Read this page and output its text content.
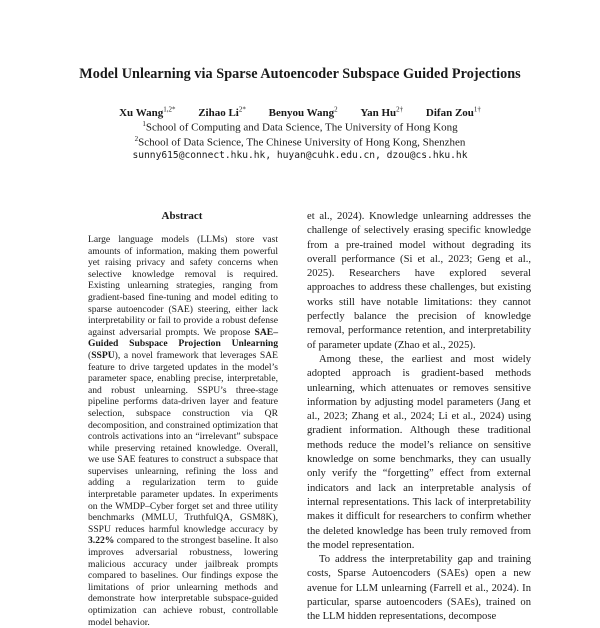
Model Unlearning via Sparse Autoencoder Subspace Guided Projections
Xu Wang$^{1,2*}$ Zihao $Li^{2*}$ Benyou Wang$^2$ Yan $Hu^{2\dagger}$ Difan Zou$^{1\dagger}$
$^1$School of Computing and Data Science, The University of Hong Kong
$^2$School of Data Science, The Chinese University of Hong Kong, Shenzhen
sunny615@connect.hku.hk, huyan@cuhk.edu.cn, dzou@cs.hku.hk
Abstract
Large language models (LLMs) store vast amounts of information, making them powerful yet raising privacy and safety concerns when selective knowledge removal is required. Existing unlearning strategies, ranging from gradient-based fine-tuning and model editing to sparse autoencoder (SAE) steering, either lack interpretability or fail to provide a robust defense against adversarial prompts. We propose SAE–Guided Subspace Projection Unlearning (SSPU), a novel framework that leverages SAE feature to drive targeted updates in the model’s parameter space, enabling precise, interpretable, and robust unlearning. SSPU’s three-stage pipeline performs data-driven layer and feature selection, subspace construction via QR decomposition, and constrained optimization that controls activations into an “irrelevant” subspace while preserving retained knowledge. Overall, we use SAE features to construct a subspace that supervises unlearning, refining the loss and adding a regularization term to guide interpretable parameter updates. In experiments on the WMDP–Cyber forget set and three utility benchmarks (MMLU, TruthfulQA, GSM8K), SSPU reduces harmful knowledge accuracy by 3.22% compared to the strongest baseline. It also improves adversarial robustness, lowering malicious accuracy under jailbreak prompts compared to baselines. Our findings expose the limitations of prior unlearning methods and demonstrate how interpretable subspace-guided optimization can achieve robust, controllable model behavior.

et al., 2024). Knowledge unlearning addresses the challenge of selectively erasing specific knowledge from a pre-trained model without degrading its overall performance (Si et al., 2023; Geng et al., 2025). Researchers have explored several approaches to address these challenges, but existing works still have notable limitations: they cannot perfectly balance the precision of knowledge removal, performance retention, and interpretability of parameter update (Zhao et al., 2025).

Among these, the earliest and most widely adopted approach is gradient-based methods unlearning, which attenuates or removes sensitive information by adjusting model parameters (Jang et al., 2023; Zhang et al., 2024; Li et al., 2024) using gradient information. Although these traditional methods reduce the model’s reliance on sensitive knowledge on some benchmarks, they can usually only verify the “forgetting” effect from external indicators and lack an interpretable analysis of internal representations. This lack of interpretability makes it difficult for researchers to confirm whether the deleted knowledge has been truly removed from the model representation.

To address the interpretability gap and training costs, Sparse Autoencoders (SAEs) open a new avenue for LLM unlearning (Farrell et al., 2024). In particular, sparse autoencoders (SAEs), trained on the LLM hidden representations, decompose
